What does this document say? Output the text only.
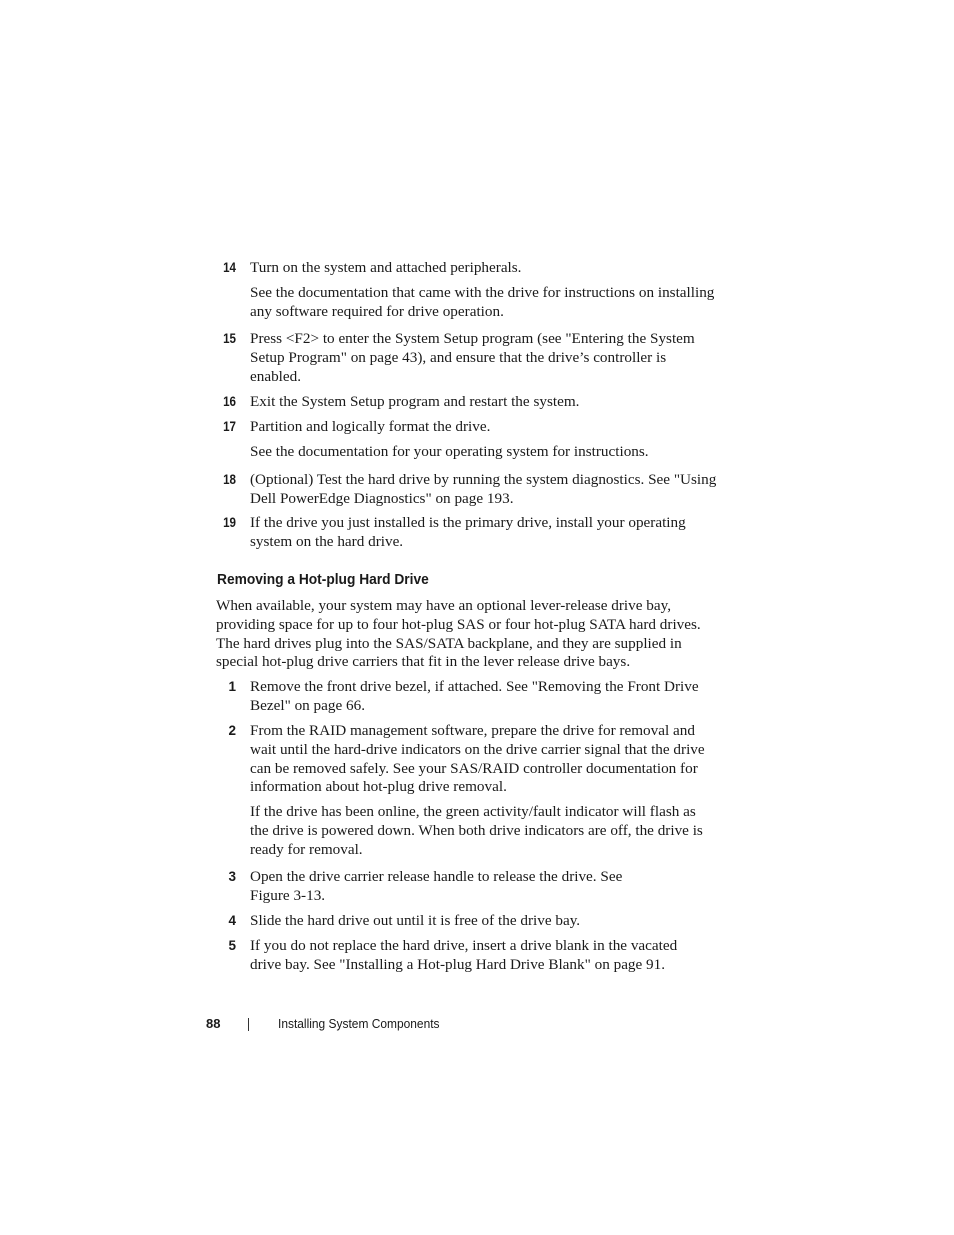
14 Turn on the system and attached peripherals.
See the documentation that came with the drive for instructions on installing any software required for drive operation.
15 Press <F2> to enter the System Setup program (see "Entering the System Setup Program" on page 43), and ensure that the drive’s controller is enabled.
16 Exit the System Setup program and restart the system.
17 Partition and logically format the drive.
See the documentation for your operating system for instructions.
18 (Optional) Test the hard drive by running the system diagnostics. See "Using Dell PowerEdge Diagnostics" on page 193.
19 If the drive you just installed is the primary drive, install your operating system on the hard drive.
Removing a Hot-plug Hard Drive
When available, your system may have an optional lever-release drive bay, providing space for up to four hot-plug SAS or four hot-plug SATA hard drives. The hard drives plug into the SAS/SATA backplane, and they are supplied in special hot-plug drive carriers that fit in the lever release drive bays.
1 Remove the front drive bezel, if attached. See "Removing the Front Drive Bezel" on page 66.
2 From the RAID management software, prepare the drive for removal and wait until the hard-drive indicators on the drive carrier signal that the drive can be removed safely. See your SAS/RAID controller documentation for information about hot-plug drive removal.
If the drive has been online, the green activity/fault indicator will flash as the drive is powered down. When both drive indicators are off, the drive is ready for removal.
3 Open the drive carrier release handle to release the drive. See Figure 3-13.
4 Slide the hard drive out until it is free of the drive bay.
5 If you do not replace the hard drive, insert a drive blank in the vacated drive bay. See "Installing a Hot-plug Hard Drive Blank" on page 91.
88	Installing System Components
